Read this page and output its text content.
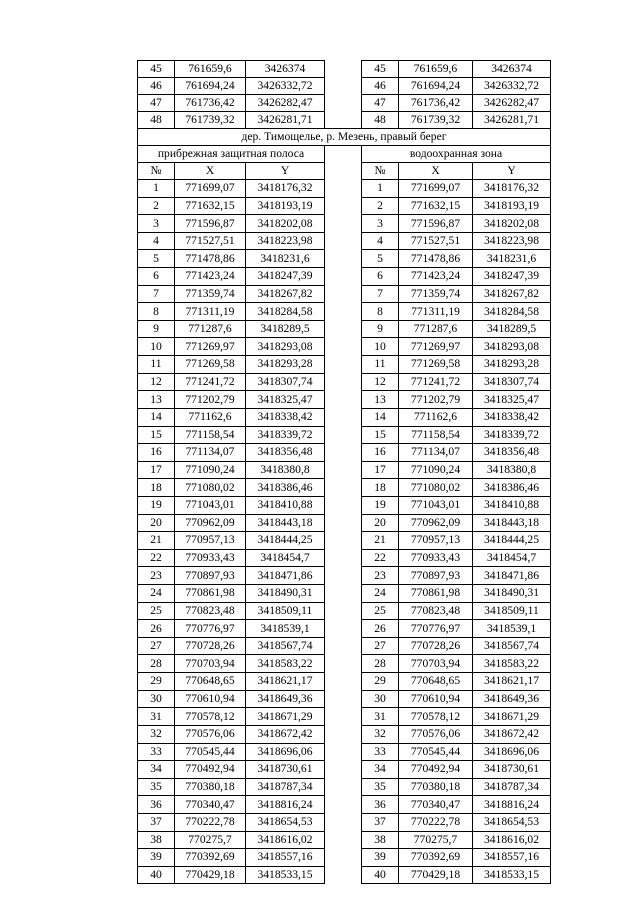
45	761659,6	3426374		45	761659,6	3426374
46	761694,24	3426332,72		46	761694,24	3426332,72
47	761736,42	3426282,47		47	761736,42	3426282,47
48	761739,32	3426281,71		48	761739,32	3426281,71
дер. Тимощелье, р. Мезень, правый берег						
прибрежная защитная полоса				водоохранная зона		
№	X	Y		№	X	Y
1	771699,07	3418176,32		1	771699,07	3418176,32
2	771632,15	3418193,19		2	771632,15	3418193,19
3	771596,87	3418202,08		3	771596,87	3418202,08
4	771527,51	3418223,98		4	771527,51	3418223,98
5	771478,86	3418231,6		5	771478,86	3418231,6
6	771423,24	3418247,39		6	771423,24	3418247,39
7	771359,74	3418267,82		7	771359,74	3418267,82
8	771311,19	3418284,58		8	771311,19	3418284,58
9	771287,6	3418289,5		9	771287,6	3418289,5
10	771269,97	3418293,08		10	771269,97	3418293,08
11	771269,58	3418293,28		11	771269,58	3418293,28
12	771241,72	3418307,74		12	771241,72	3418307,74
13	771202,79	3418325,47		13	771202,79	3418325,47
14	771162,6	3418338,42		14	771162,6	3418338,42
15	771158,54	3418339,72		15	771158,54	3418339,72
16	771134,07	3418356,48		16	771134,07	3418356,48
17	771090,24	3418380,8		17	771090,24	3418380,8
18	771080,02	3418386,46		18	771080,02	3418386,46
19	771043,01	3418410,88		19	771043,01	3418410,88
20	770962,09	3418443,18		20	770962,09	3418443,18
21	770957,13	3418444,25		21	770957,13	3418444,25
22	770933,43	3418454,7		22	770933,43	3418454,7
23	770897,93	3418471,86		23	770897,93	3418471,86
24	770861,98	3418490,31		24	770861,98	3418490,31
25	770823,48	3418509,11		25	770823,48	3418509,11
26	770776,97	3418539,1		26	770776,97	3418539,1
27	770728,26	3418567,74		27	770728,26	3418567,74
28	770703,94	3418583,22		28	770703,94	3418583,22
29	770648,65	3418621,17		29	770648,65	3418621,17
30	770610,94	3418649,36		30	770610,94	3418649,36
31	770578,12	3418671,29		31	770578,12	3418671,29
32	770576,06	3418672,42		32	770576,06	3418672,42
33	770545,44	3418696,06		33	770545,44	3418696,06
34	770492,94	3418730,61		34	770492,94	3418730,61
35	770380,18	3418787,34		35	770380,18	3418787,34
36	770340,47	3418816,24		36	770340,47	3418816,24
37	770222,78	3418654,53		37	770222,78	3418654,53
38	770275,7	3418616,02		38	770275,7	3418616,02
39	770392,69	3418557,16		39	770392,69	3418557,16
40	770429,18	3418533,15		40	770429,18	3418533,15
